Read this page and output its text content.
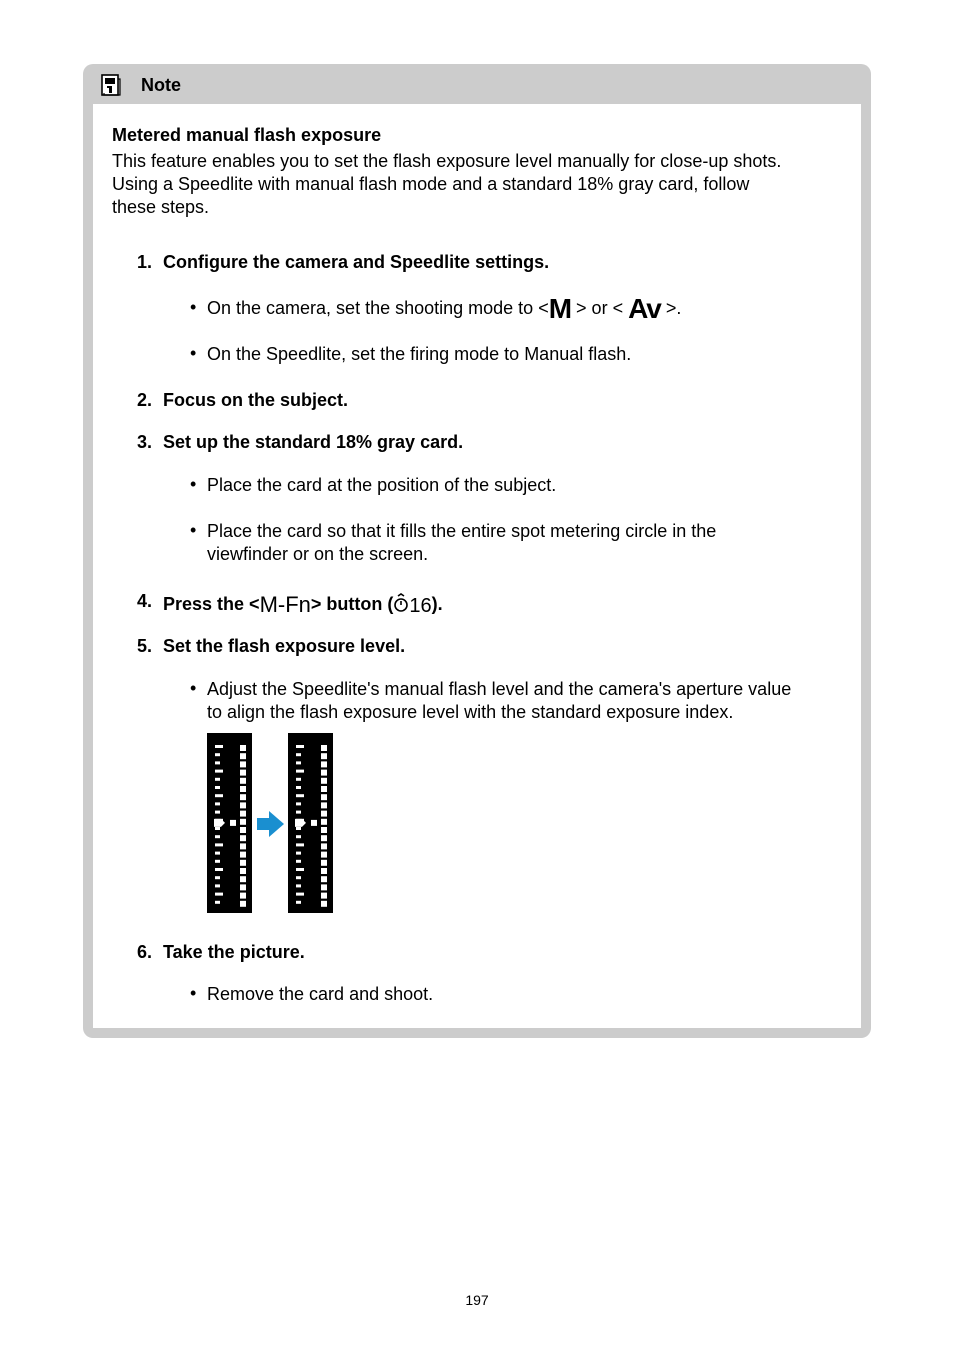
Note
Metered manual flash exposure
This feature enables you to set the flash exposure level manually for close-up shots.
Using a Speedlite with manual flash mode and a standard 18% gray card, follow
these steps.
1. Configure the camera and Speedlite settings.
• On the camera, set the shooting mode to <M > or < Av >.
• On the Speedlite, set the firing mode to Manual flash.
2. Focus on the subject.
3. Set up the standard 18% gray card.
• Place the card at the position of the subject.
• Place the card so that it fills the entire spot metering circle in the
viewfinder or on the screen.
4. Press the <M-Fn> button ( 16).
5. Set the flash exposure level.
• Adjust the Speedlite's manual flash level and the camera's aperture value
to align the flash exposure level with the standard exposure index.
6. Take the picture.
• Remove the card and shoot.
197
